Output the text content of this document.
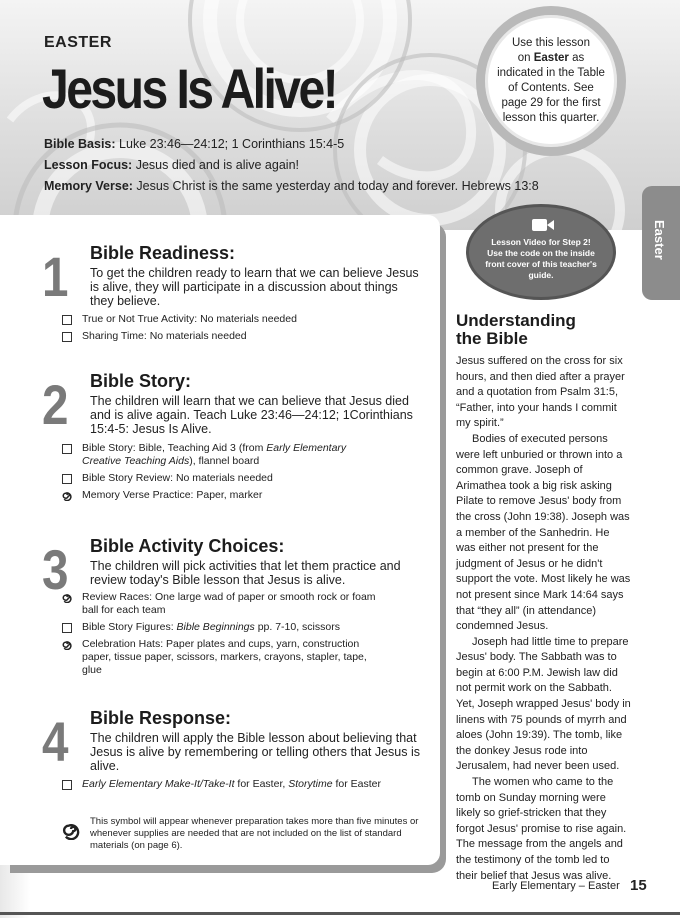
EASTER
Jesus Is Alive!
Bible Basis: Luke 23:46—24:12; 1 Corinthians 15:4-5
Lesson Focus: Jesus died and is alive again!
Memory Verse: Jesus Christ is the same yesterday and today and forever. Hebrews 13:8
Use this lesson
on Easter as
indicated in the Table of Contents. See page 29 for the first lesson this quarter.
Easter
1 Bible Readiness:
To get the children ready to learn that we can believe Jesus is alive, they will participate in a discussion about things they believe.
True or Not True Activity: No materials needed
Sharing Time: No materials needed
2 Bible Story:
The children will learn that we can believe that Jesus died and is alive again. Teach Luke 23:46—24:12; 1Corinthians 15:4-5: Jesus Is Alive.
Bible Story: Bible, Teaching Aid 3 (from Early Elementary Creative Teaching Aids), flannel board
Bible Story Review: No materials needed
Memory Verse Practice: Paper, marker
3 Bible Activity Choices:
The children will pick activities that let them practice and review today's Bible lesson that Jesus is alive.
Review Races: One large wad of paper or smooth rock or foam ball for each team
Bible Story Figures: Bible Beginnings pp. 7-10, scissors
Celebration Hats: Paper plates and cups, yarn, construction paper, tissue paper, scissors, markers, crayons, stapler, tape, glue
4 Bible Response:
The children will apply the Bible lesson about believing that Jesus is alive by remembering or telling others that Jesus is alive.
Early Elementary Make-It/Take-It for Easter, Storytime for Easter

This symbol will appear whenever preparation takes more than five minutes or whenever supplies are needed that are not included on the list of standard materials (on page 6).

Lesson Video for Step 2! Use the code on the inside front cover of this teacher's guide.
Understanding
the Bible

Jesus suffered on the cross for six hours, and then died after a prayer and a quotation from Psalm 31:5, “Father, into your hands I commit my spirit.”

Bodies of executed persons were left unburied or thrown into a common grave. Joseph of Arimathea took a big risk asking Pilate to remove Jesus' body from the cross (John 19:38). Joseph was a member of the Sanhedrin. He was either not present for the judgment of Jesus or he didn't support the vote. Most likely he was not present since Mark 14:64 says that “they all” (in attendance) condemned Jesus.

Joseph had little time to prepare Jesus' body. The Sabbath was to begin at 6:00 P.M. Jewish law did not permit work on the Sabbath. Yet, Joseph wrapped Jesus' body in linens with 75 pounds of myrrh and aloes (John 19:39). The tomb, like the donkey Jesus rode into Jerusalem, had never been used.

The women who came to the tomb on Sunday morning were likely so grief-stricken that they forgot Jesus' promise to rise again. The message from the angels and the testimony of the tomb led to their belief that Jesus was alive.

Early Elementary – Easter 15
